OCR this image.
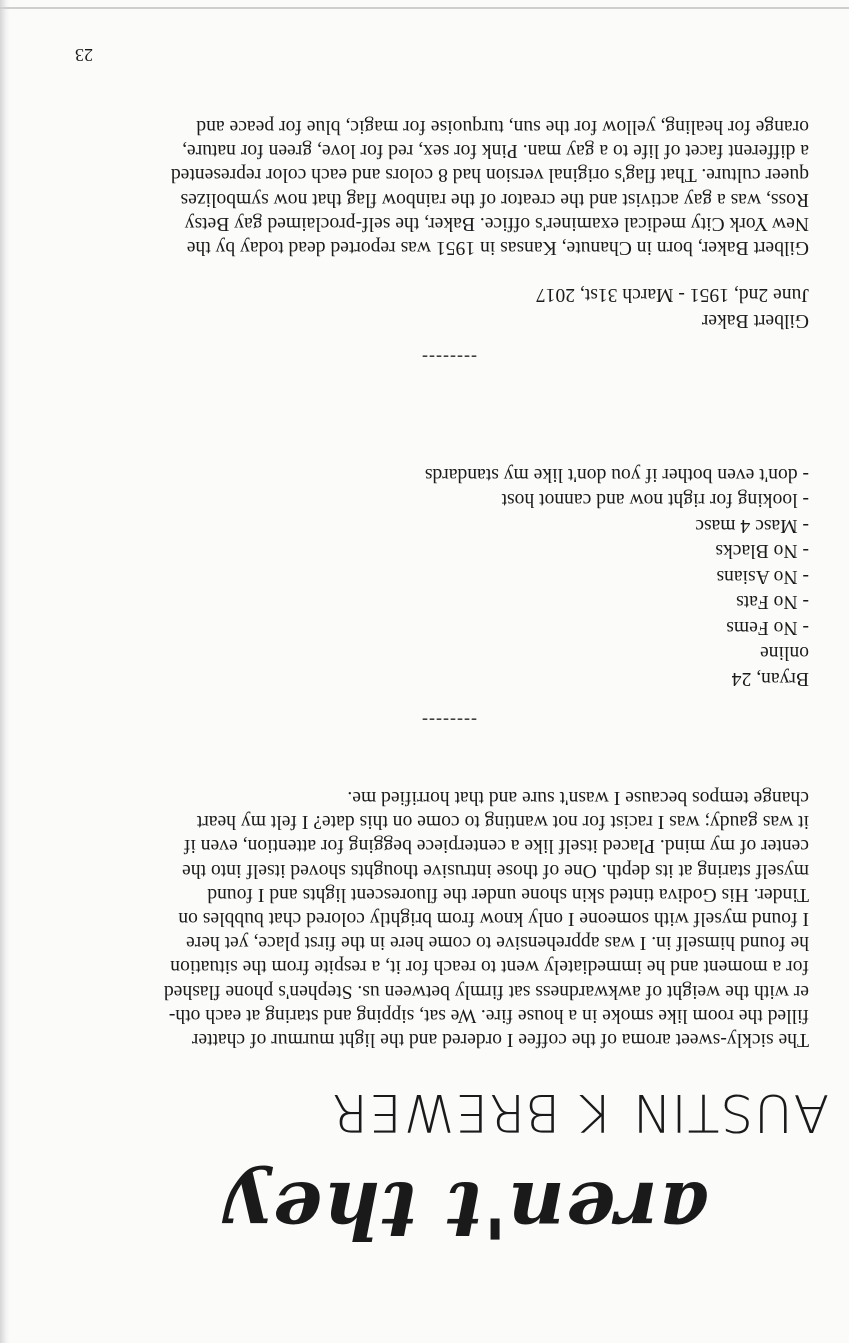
aren't they
AUSTIN K BREWER
The sickly-sweet aroma of the coffee I ordered and the light murmur of chatter
filled the room like smoke in a house fire. We sat, sipping and staring at each oth-
er with the weight of awkwardness sat firmly between us. Stephen's phone flashed
for a moment and he immediately went to reach for it, a respite from the situation
he found himself in. I was apprehensive to come here in the first place, yet here
I found myself with someone I only know from brightly colored chat bubbles on
Tinder. His Godiva tinted skin shone under the fluorescent lights and I found
myself staring at its depth. One of those intrusive thoughts shoved itself into the
center of my mind. Placed itself like a centerpiece begging for attention, even if
it was gaudy; was I racist for not wanting to come on this date? I felt my heart
change tempos because I wasn't sure and that horrified me.
--------
Bryan, 24
online
- No Fems
- No Fats
- No Asians
- No Blacks
- Masc 4 masc
- looking for right now and cannot host
- don't even bother if you don't like my standards
--------
Gilbert Baker
June 2nd, 1951 - March 31st, 2017
Gilbert Baker, born in Chanute, Kansas in 1951 was reported dead today by the
New York City medical examiner's office. Baker, the self-proclaimed gay Betsy
Ross, was a gay activist and the creator of the rainbow flag that now symbolizes
queer culture. That flag's original version had 8 colors and each color represented
a different facet of life to a gay man. Pink for sex, red for love, green for nature,
orange for healing, yellow for the sun, turquoise for magic, blue for peace and
23
